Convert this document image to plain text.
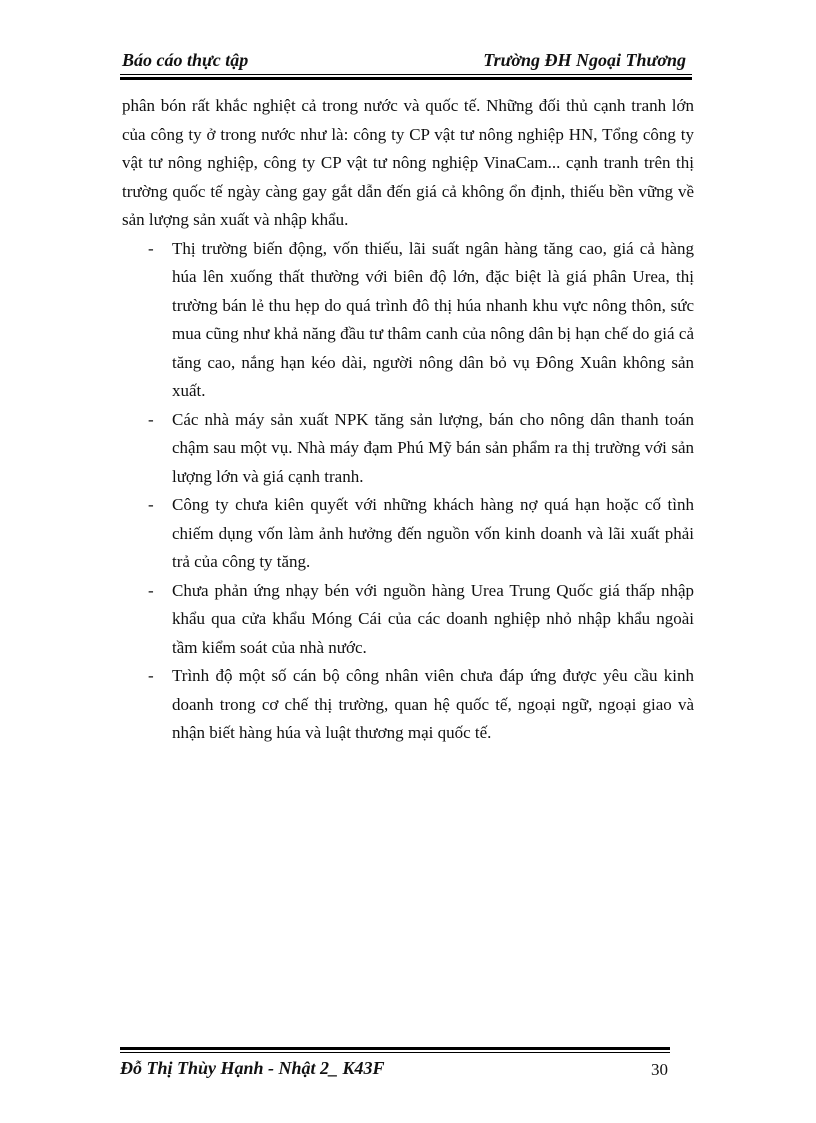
Báo cáo thực tập	Trường ĐH Ngoại Thương

phân bón rất khắc nghiệt cả trong nước và quốc tế. Những đối thủ cạnh tranh lớn của công ty ở trong nước như là: công ty CP vật tư nông nghiệp HN, Tổng công ty vật tư nông nghiệp, công ty CP vật tư nông nghiệp VinaCam... cạnh tranh trên thị trường quốc tế ngày càng gay gắt dẫn đến giá cả không ổn định, thiếu bền vững về sản lượng sản xuất và nhập khẩu.

- Thị trường biến động, vốn thiếu, lãi suất ngân hàng tăng cao, giá cả hàng húa lên xuống thất thường với biên độ lớn, đặc biệt là giá phân Urea, thị trường bán lẻ thu hẹp do quá trình đô thị húa nhanh khu vực nông thôn, sức mua cũng như khả năng đầu tư thâm canh của nông dân bị hạn chế do giá cả tăng cao, nắng hạn kéo dài, người nông dân bỏ vụ Đông Xuân không sản xuất.
- Các nhà máy sản xuất NPK tăng sản lượng, bán cho nông dân thanh toán chậm sau một vụ. Nhà máy đạm Phú Mỹ bán sản phẩm ra thị trường với sản lượng lớn và giá cạnh tranh.
- Công ty chưa kiên quyết với những khách hàng nợ quá hạn hoặc cố tình chiếm dụng vốn làm ảnh hưởng đến nguồn vốn kinh doanh và lãi xuất phải trả của công ty tăng.
- Chưa phản ứng nhạy bén với nguồn hàng Urea Trung Quốc giá thấp nhập khẩu qua cửa khẩu Móng Cái của các doanh nghiệp nhỏ nhập khẩu ngoài tầm kiểm soát của nhà nước.
- Trình độ một số cán bộ công nhân viên chưa đáp ứng được yêu cầu kinh doanh trong cơ chế thị trường, quan hệ quốc tế, ngoại ngữ, ngoại giao và nhận biết hàng húa và luật thương mại quốc tế.
Đỗ Thị Thùy Hạnh - Nhật 2_ K43F	30
